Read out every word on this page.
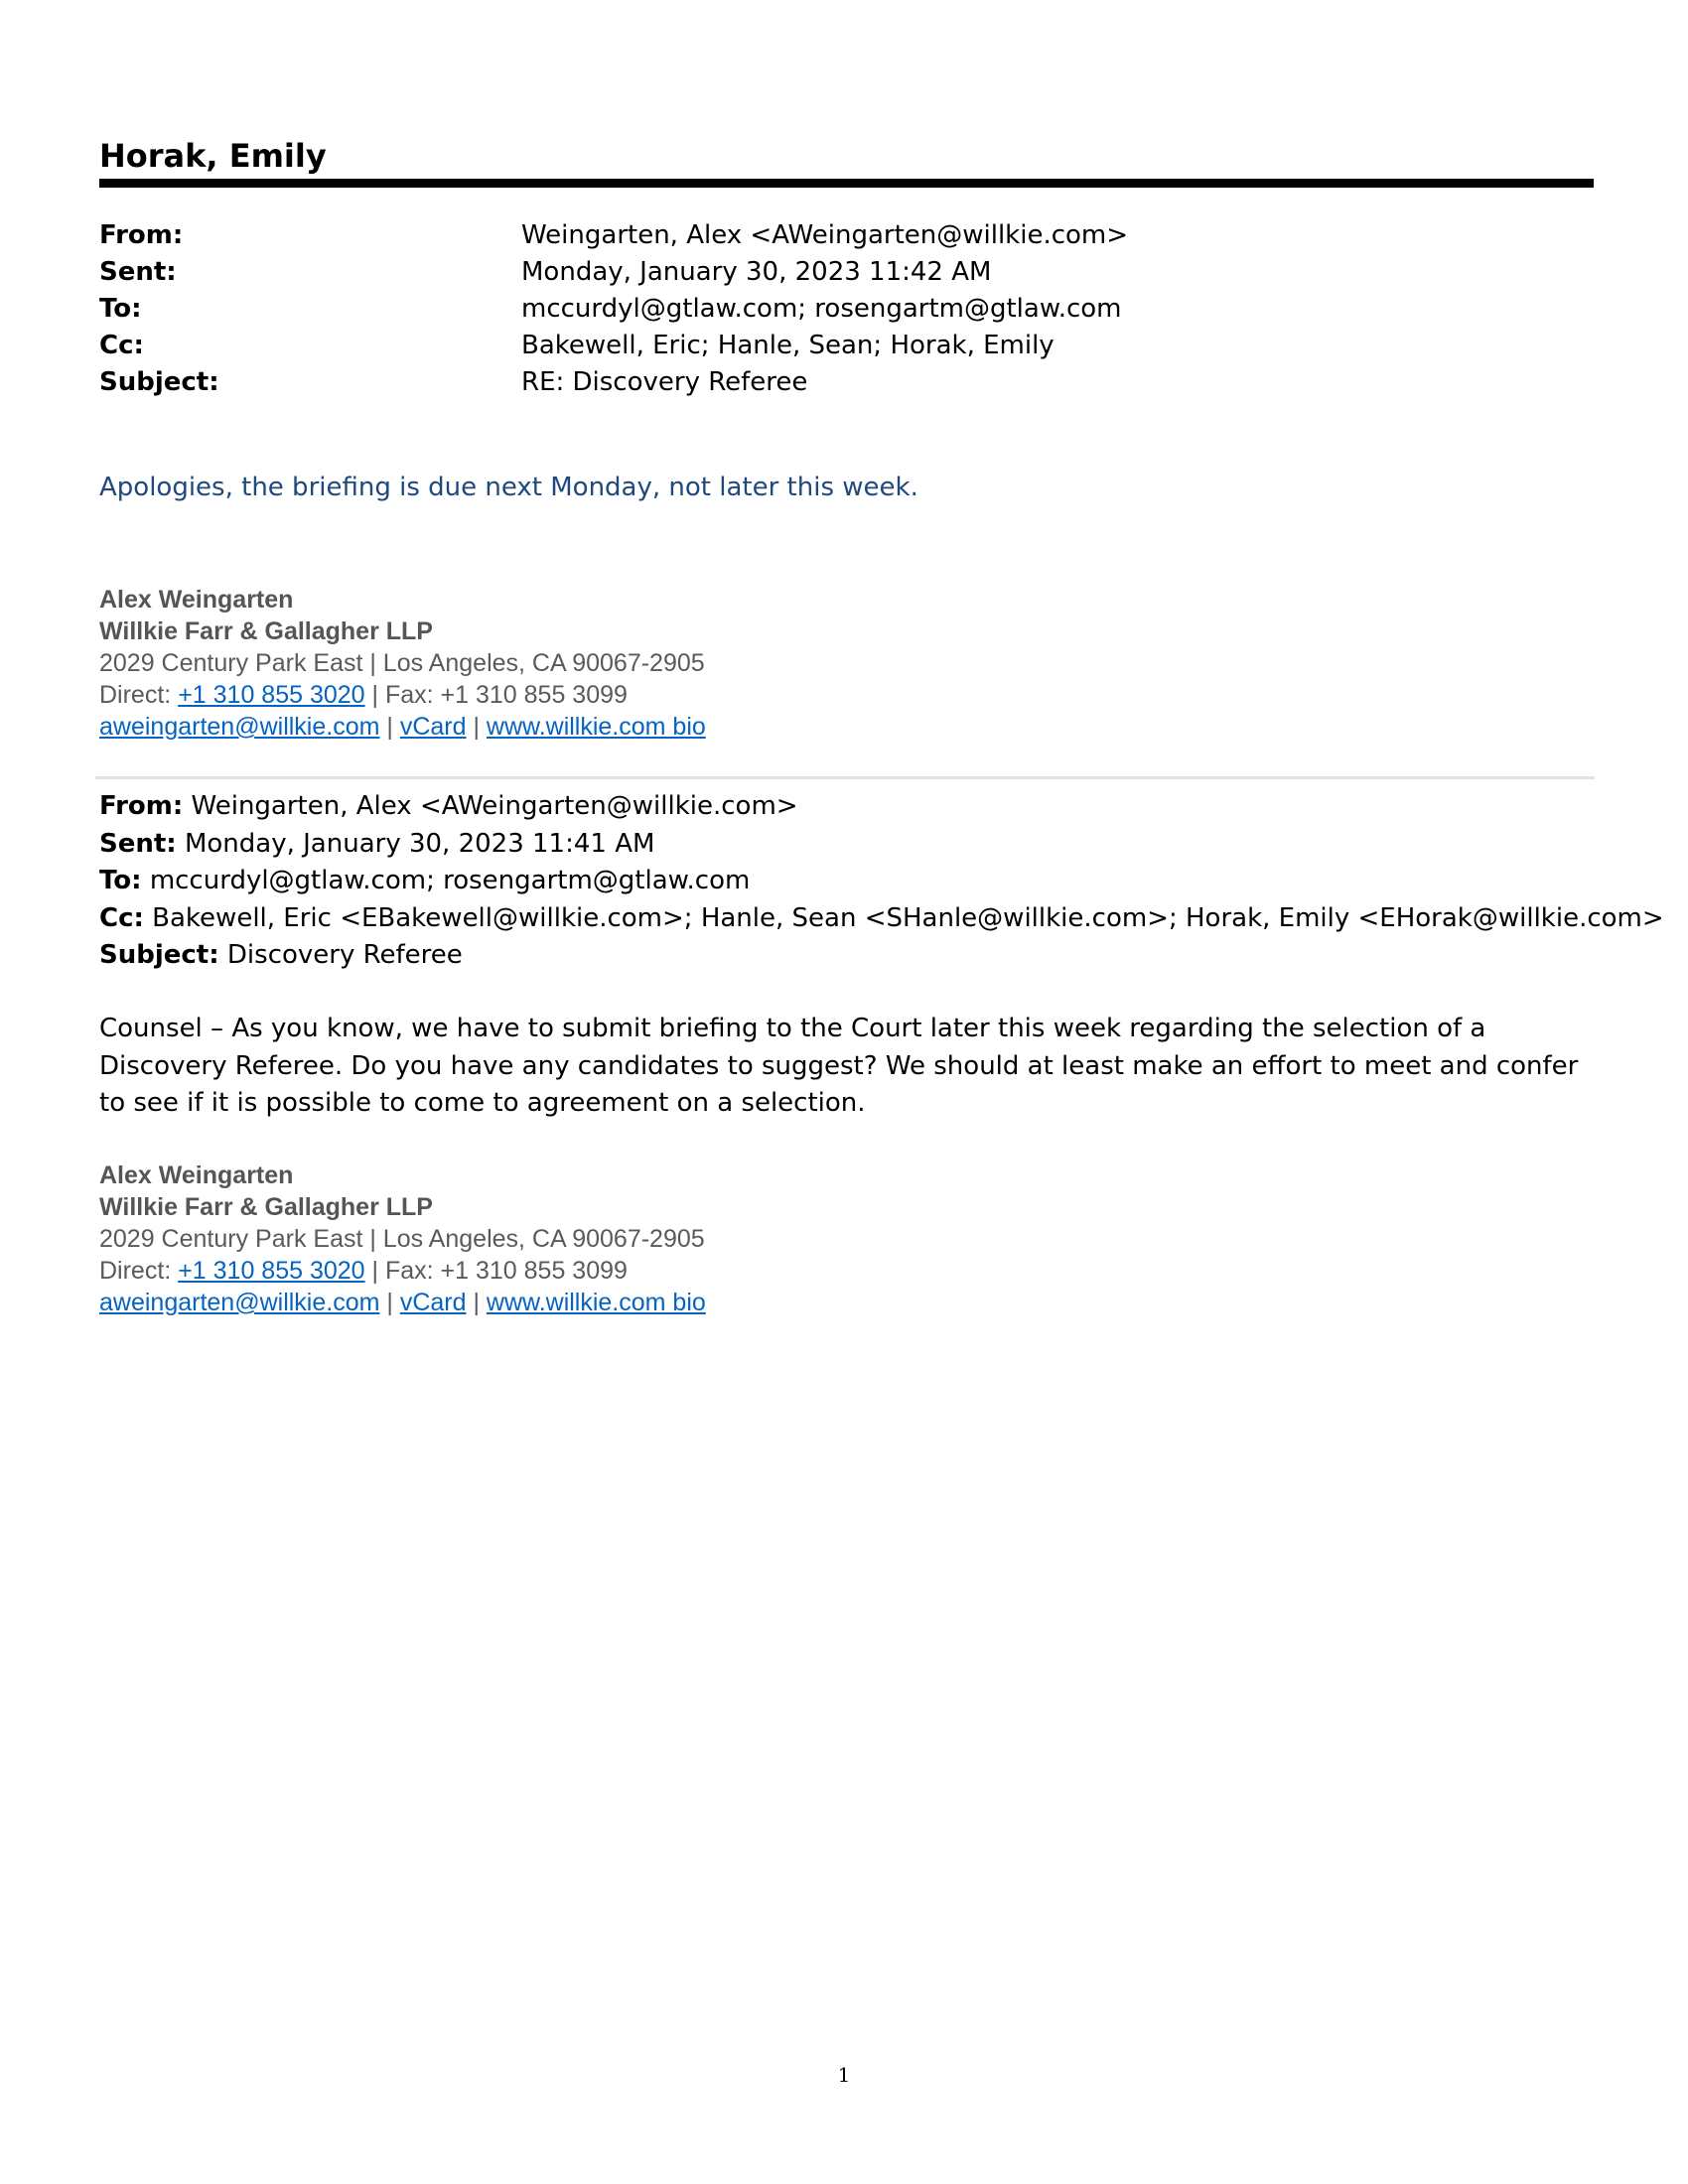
Horak, Emily
From:	Weingarten, Alex <AWeingarten@willkie.com>
Sent:	Monday, January 30, 2023 11:42 AM
To:	mccurdyl@gtlaw.com; rosengartm@gtlaw.com
Cc:	Bakewell, Eric; Hanle, Sean; Horak, Emily
Subject:	RE: Discovery Referee
Apologies, the briefing is due next Monday, not later this week.
Alex Weingarten
Willkie Farr & Gallagher LLP
2029 Century Park East | Los Angeles, CA 90067-2905
Direct: +1 310 855 3020 | Fax: +1 310 855 3099
aweingarten@willkie.com | vCard | www.willkie.com bio
From: Weingarten, Alex <AWeingarten@willkie.com>
Sent: Monday, January 30, 2023 11:41 AM
To: mccurdyl@gtlaw.com; rosengartm@gtlaw.com
Cc: Bakewell, Eric <EBakewell@willkie.com>; Hanle, Sean <SHanle@willkie.com>; Horak, Emily <EHorak@willkie.com>
Subject: Discovery Referee
Counsel – As you know, we have to submit briefing to the Court later this week regarding the selection of a Discovery Referee. Do you have any candidates to suggest? We should at least make an effort to meet and confer to see if it is possible to come to agreement on a selection.
Alex Weingarten
Willkie Farr & Gallagher LLP
2029 Century Park East | Los Angeles, CA 90067-2905
Direct: +1 310 855 3020 | Fax: +1 310 855 3099
aweingarten@willkie.com | vCard | www.willkie.com bio
1
